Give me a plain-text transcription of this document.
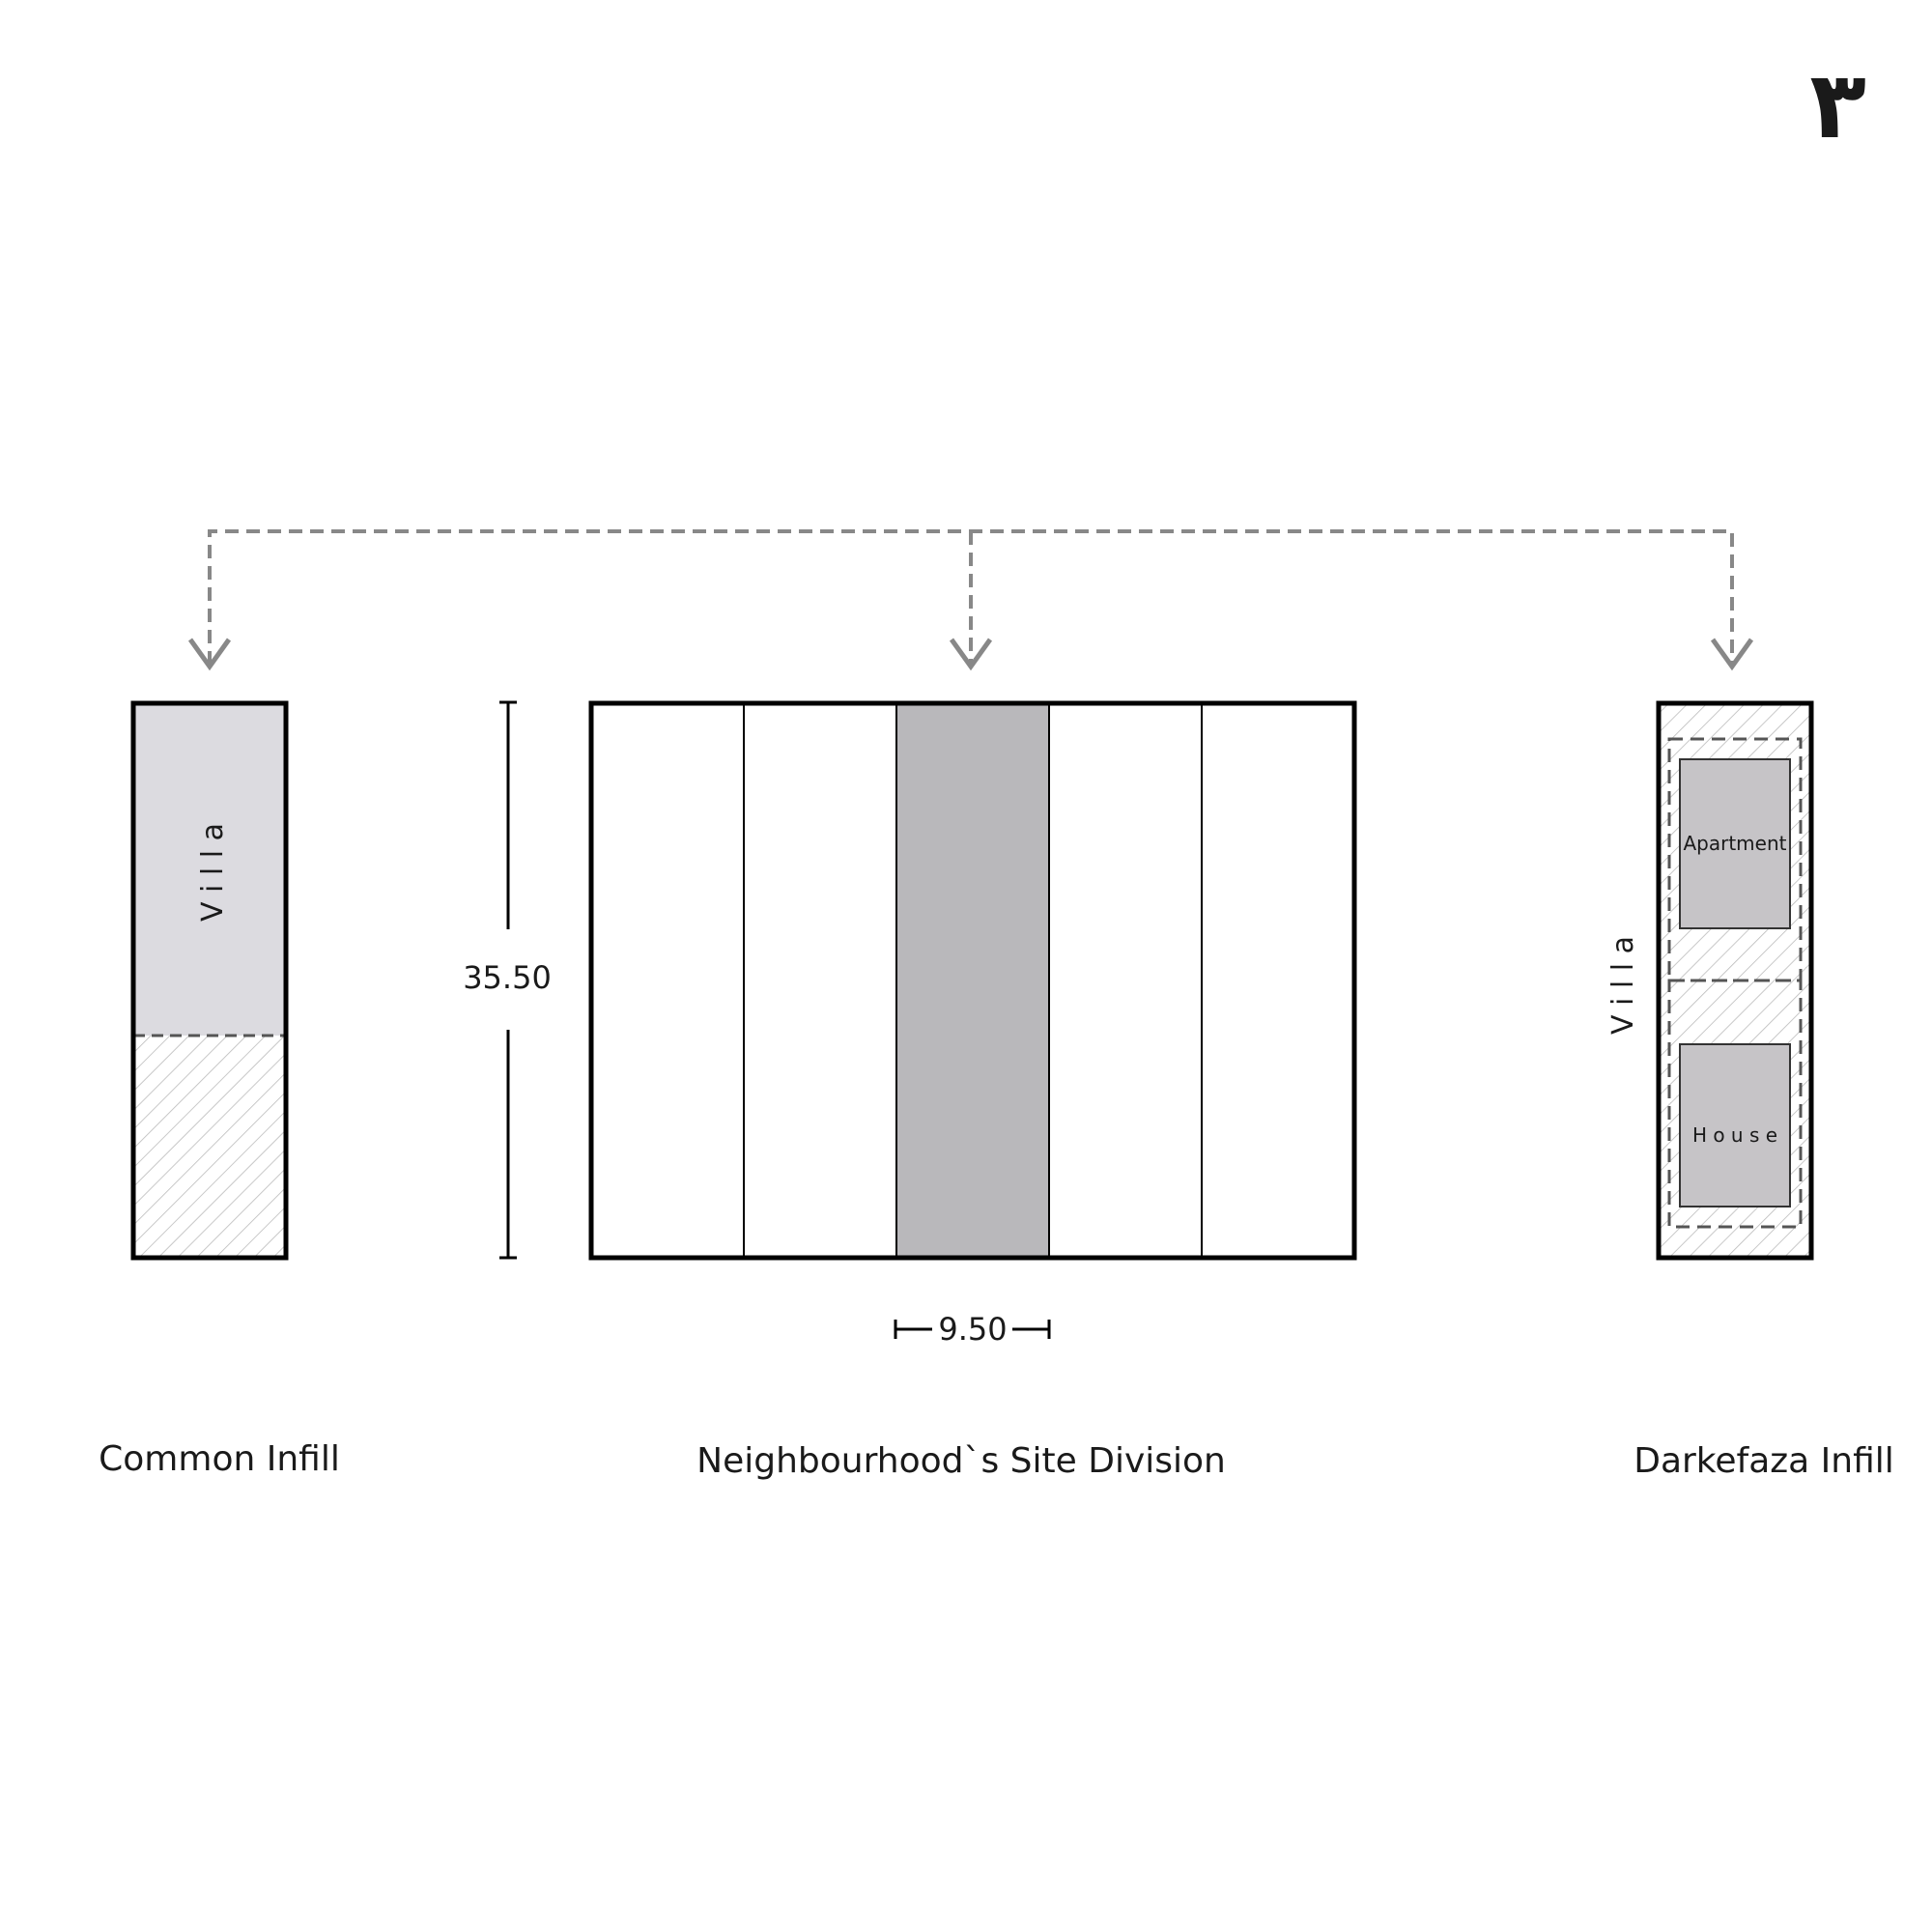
٣
V i l l a
35.50
9.50
Apartment
H o u s e
V i l l a
Common Infill	Neighbourhood`s Site Division	Darkefaza Infill
